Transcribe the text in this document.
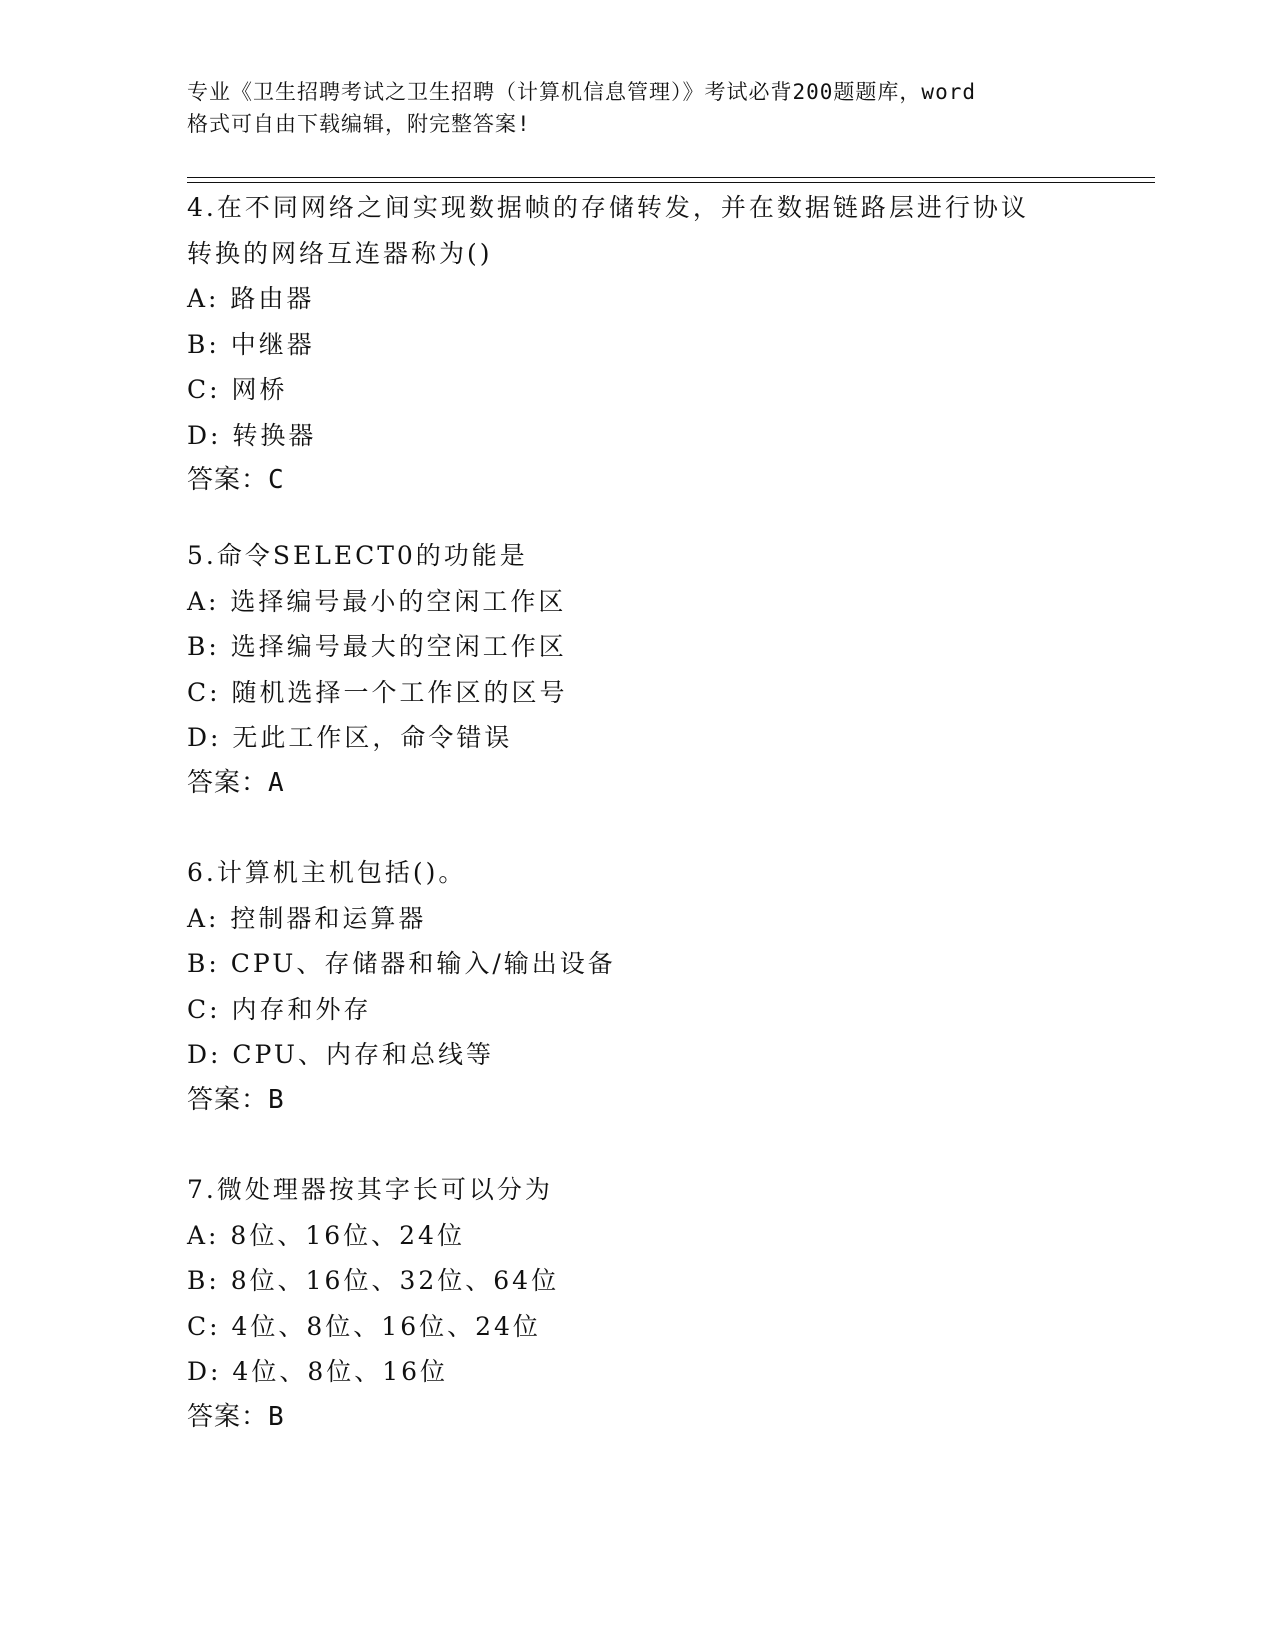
专业《卫生招聘考试之卫生招聘（计算机信息管理）》考试必背200题题库，word
格式可自由下载编辑，附完整答案!
4.在不同网络之间实现数据帧的存储转发，并在数据链路层进行协议
转换的网络互连器称为()
A: 路由器
B: 中继器
C: 网桥
D: 转换器
答案：C
5.命令SELECT0的功能是
A: 选择编号最小的空闲工作区
B: 选择编号最大的空闲工作区
C: 随机选择一个工作区的区号
D: 无此工作区，命令错误
答案：A
6.计算机主机包括()。
A: 控制器和运算器
B: CPU、存储器和输入/输出设备
C: 内存和外存
D: CPU、内存和总线等
答案：B
7.微处理器按其字长可以分为
A: 8位、16位、24位
B: 8位、16位、32位、64位
C: 4位、8位、16位、24位
D: 4位、8位、16位
答案：B
